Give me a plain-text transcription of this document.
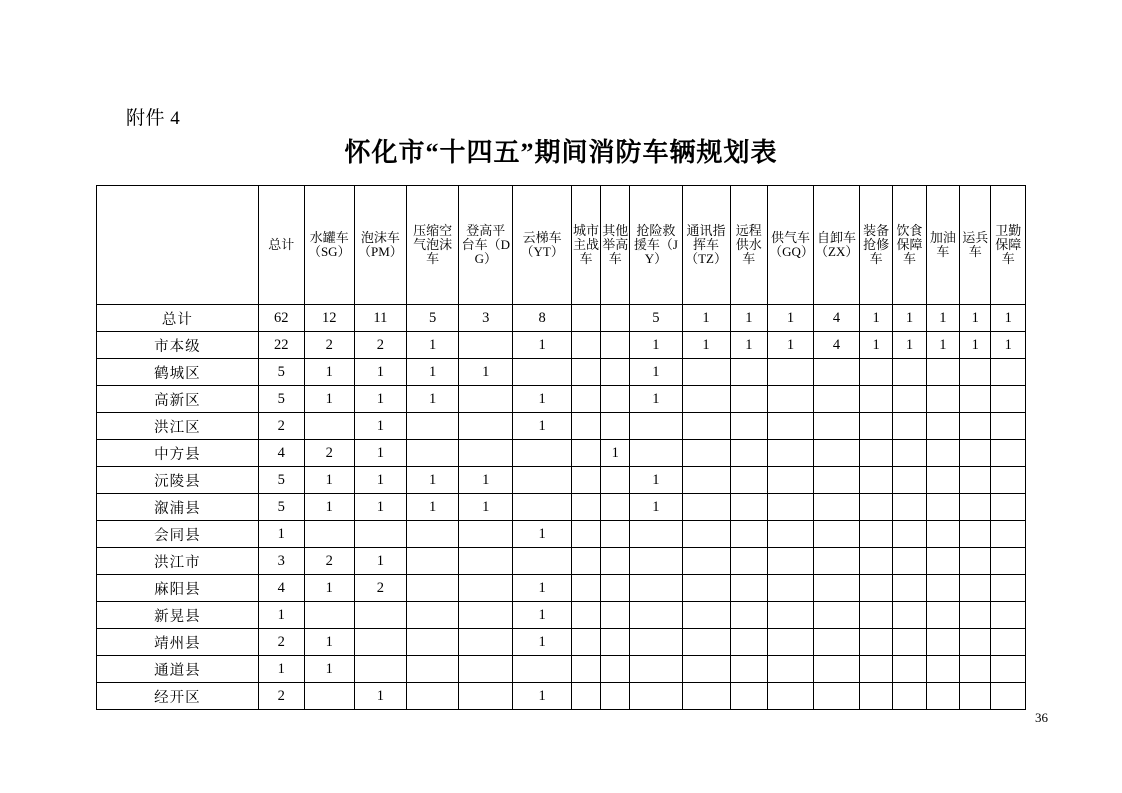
附件 4
怀化市“十四五”期间消防车辆规划表

	总计	水罐车（SG）	泡沫车（PM）	压缩空气泡沫车	登高平台车（DG）	云梯车（YT）	城市主战车	其他举高车	抢险救援车（JY）	通讯指挥车（TZ）	远程供水车	供气车（GQ）	自卸车（ZX）	装备抢修车	饮食保障车	加油车	运兵车	卫勤保障车

总计	62	12	11	5	3	8			5	1	1	1	4	1	1	1	1	1
市本级	22	2	2	1		1			1	1	1	1	4	1	1	1	1	1
鹤城区	5	1	1	1	1				1									
高新区	5	1	1	1		1			1									
洪江区	2		1			1												
中方县	4	2	1					1										
沅陵县	5	1	1	1	1				1									
溆浦县	5	1	1	1	1				1									
会同县	1					1												
洪江市	3	2	1															
麻阳县	4	1	2			1												
新晃县	1					1												
靖州县	2	1				1												
通道县	1	1																
经开区	2		1			1												
36
